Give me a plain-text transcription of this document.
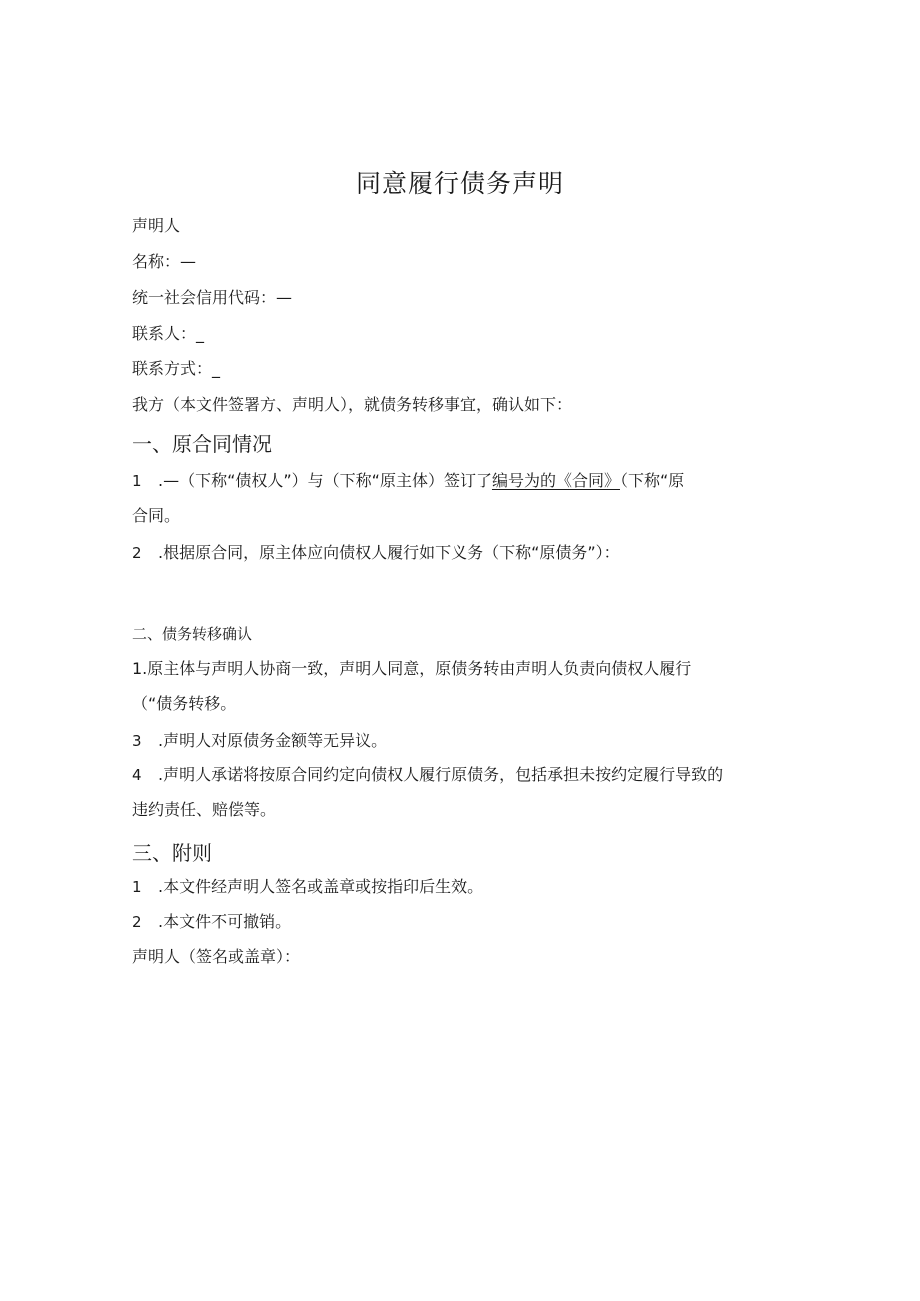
同意履行债务声明
声明人
名称：—
统一社会信用代码：—
联系人：_
联系方式：_
我方（本文件签署方、声明人），就债务转移事宜，确认如下：
一、原合同情况
1 .—（下称“债权人”）与（下称“原主体）签订了编号为的《合同》（下称“原
合同。
2 .根据原合同，原主体应向债权人履行如下义务（下称“原债务”）：
二、债务转移确认
1.原主体与声明人协商一致，声明人同意，原债务转由声明人负责向债权人履行
（“债务转移。
3 .声明人对原债务金额等无异议。
4 .声明人承诺将按原合同约定向债权人履行原债务，包括承担未按约定履行导致的
违约责任、赔偿等。
三、附则
1 .本文件经声明人签名或盖章或按指印后生效。
2 .本文件不可撤销。
声明人（签名或盖章）：
